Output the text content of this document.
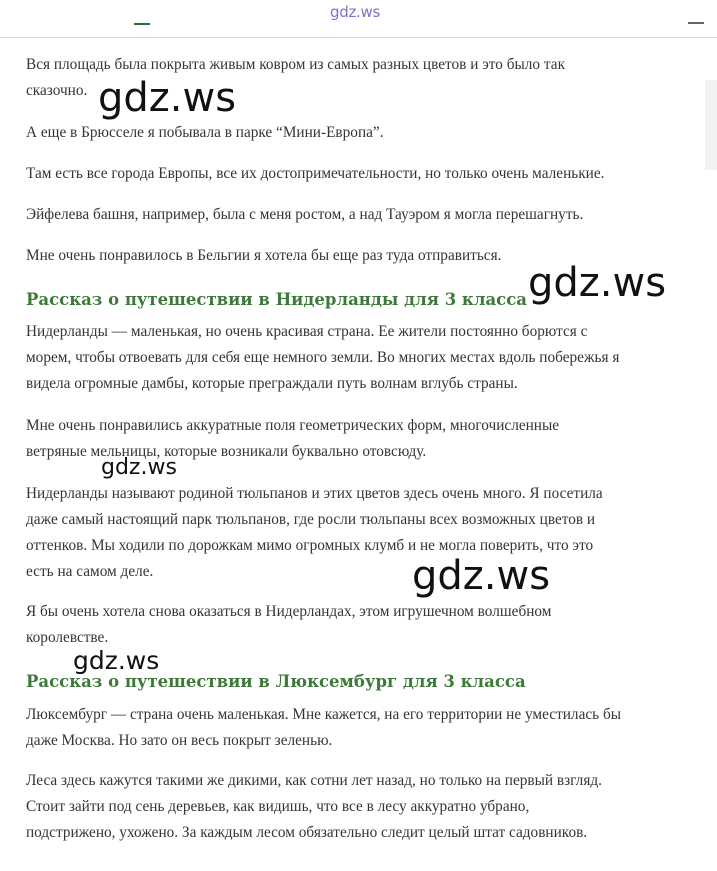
gdz.ws

Вся площадь была покрыта живым ковром из самых разных цветов и это было так
сказочно.

А еще в Брюсселе я побывала в парке “Мини-Европа”.

Там есть все города Европы, все их достопримечательности, но только очень маленькие.

Эйфелева башня, например, была с меня ростом, а над Тауэром я могла перешагнуть.

Мне очень понравилось в Бельгии я хотела бы еще раз туда отправиться.

Рассказ о путешествии в Нидерланды для 3 класса

Нидерланды — маленькая, но очень красивая страна. Ее жители постоянно борются с
морем, чтобы отвоевать для себя еще немного земли. Во многих местах вдоль побережья я
видела огромные дамбы, которые преграждали путь волнам вглубь страны.

Мне очень понравились аккуратные поля геометрических форм, многочисленные
ветряные мельницы, которые возникали буквально отовсюду.

Нидерланды называют родиной тюльпанов и этих цветов здесь очень много. Я посетила
даже самый настоящий парк тюльпанов, где росли тюльпаны всех возможных цветов и
оттенков. Мы ходили по дорожкам мимо огромных клумб и не могла поверить, что это
есть на самом деле.

Я бы очень хотела снова оказаться в Нидерландах, этом игрушечном волшебном
королевстве.

Рассказ о путешествии в Люксембург для 3 класса

Люксембург — страна очень маленькая. Мне кажется, на его территории не уместилась бы
даже Москва. Но зато он весь покрыт зеленью.

Леса здесь кажутся такими же дикими, как сотни лет назад, но только на первый взгляд.
Стоит зайти под сень деревьев, как видишь, что все в лесу аккуратно убрано,
подстрижено, ухожено. За каждым лесом обязательно следит целый штат садовников.

gdz.ws
gdz.ws
gdz.ws
gdz.ws
gdz.ws
